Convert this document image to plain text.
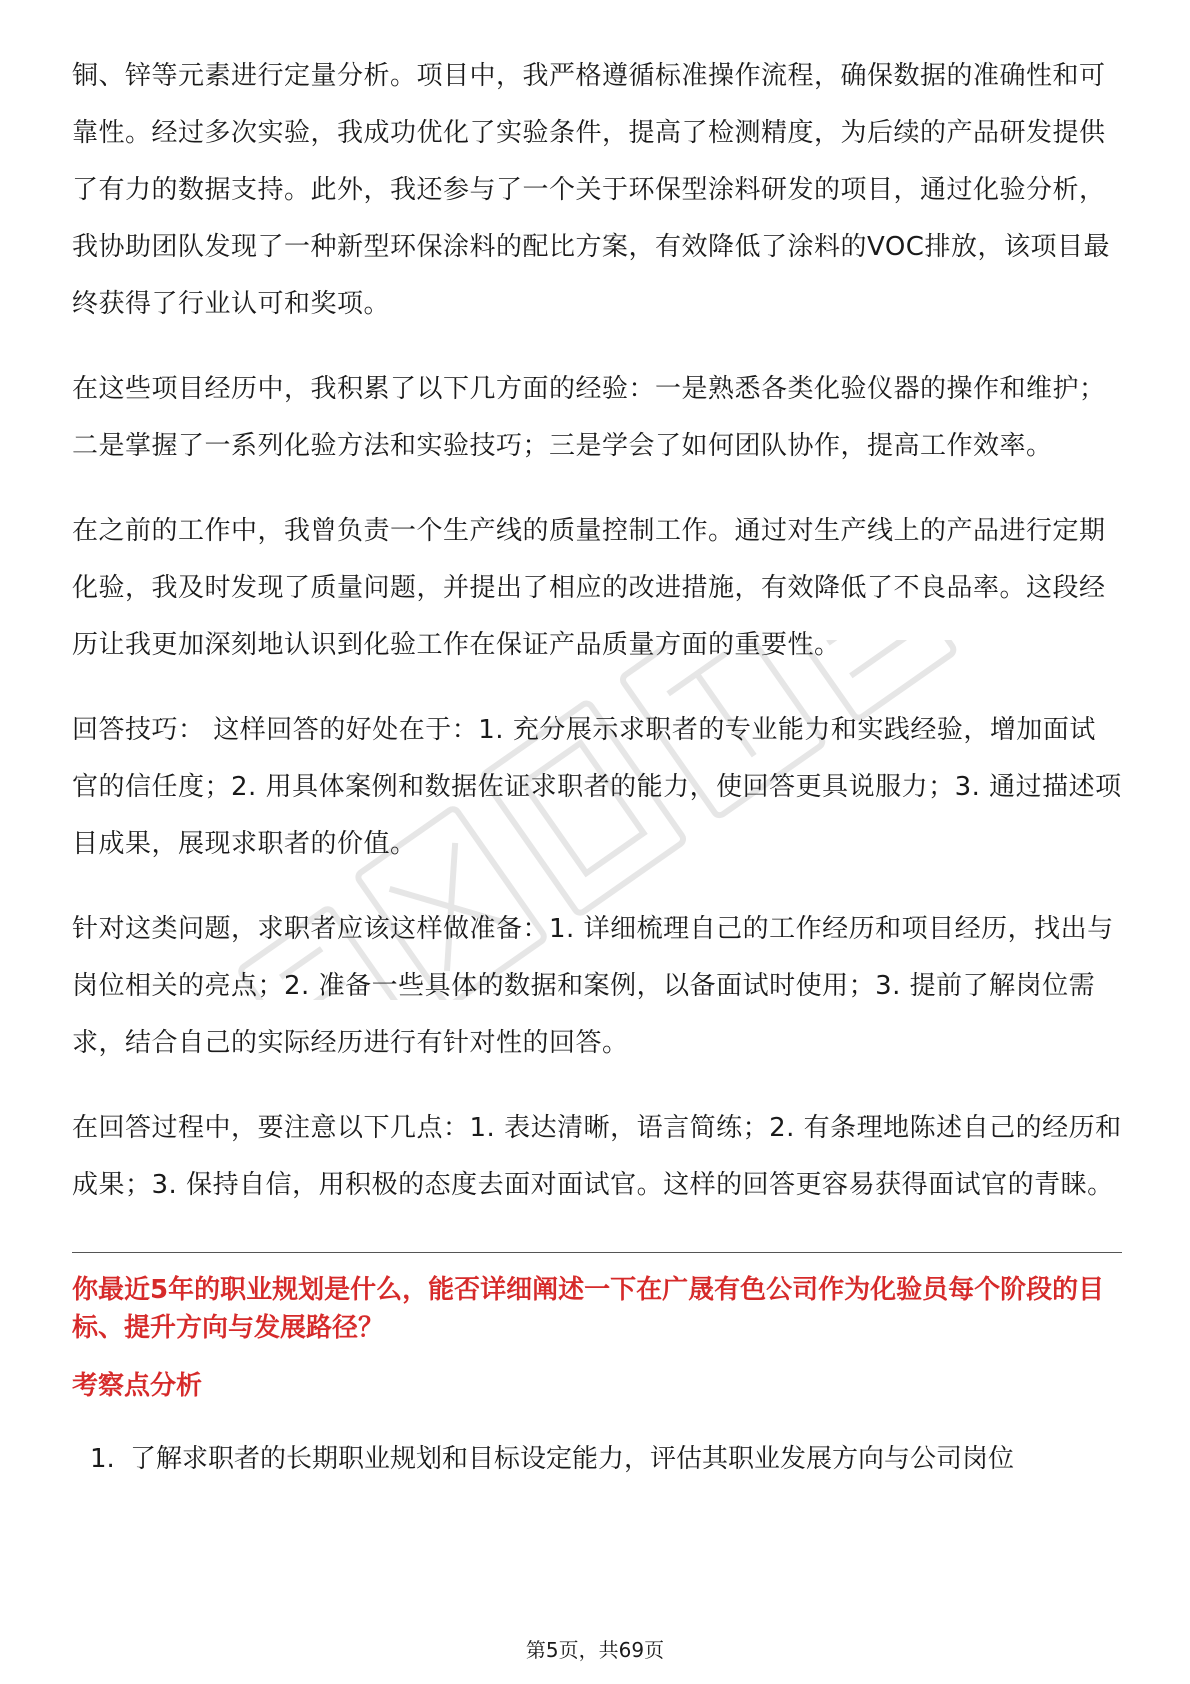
铜、锌等元素进行定量分析。项目中，我严格遵循标准操作流程，确保数据的准确性和可靠性。经过多次实验，我成功优化了实验条件，提高了检测精度，为后续的产品研发提供了有力的数据支持。此外，我还参与了一个关于环保型涂料研发的项目，通过化验分析，我协助团队发现了一种新型环保涂料的配比方案，有效降低了涂料的VOC排放，该项目最终获得了行业认可和奖项。

在这些项目经历中，我积累了以下几方面的经验：一是熟悉各类化验仪器的操作和维护；二是掌握了一系列化验方法和实验技巧；三是学会了如何团队协作，提高工作效率。

在之前的工作中，我曾负责一个生产线的质量控制工作。通过对生产线上的产品进行定期化验，我及时发现了质量问题，并提出了相应的改进措施，有效降低了不良品率。这段经历让我更加深刻地认识到化验工作在保证产品质量方面的重要性。

回答技巧： 这样回答的好处在于：1. 充分展示求职者的专业能力和实践经验，增加面试官的信任度；2. 用具体案例和数据佐证求职者的能力，使回答更具说服力；3. 通过描述项目成果，展现求职者的价值。

针对这类问题，求职者应该这样做准备：1. 详细梳理自己的工作经历和项目经历，找出与岗位相关的亮点；2. 准备一些具体的数据和案例，以备面试时使用；3. 提前了解岗位需求，结合自己的实际经历进行有针对性的回答。

在回答过程中，要注意以下几点：1. 表达清晰，语言简练；2. 有条理地陈述自己的经历和成果；3. 保持自信，用积极的态度去面对面试官。这样的回答更容易获得面试官的青睐。

你最近5年的职业规划是什么，能否详细阐述一下在广晟有色公司作为化验员每个阶段的目标、提升方向与发展路径？

考察点分析

1. 了解求职者的长期职业规划和目标设定能力，评估其职业发展方向与公司岗位
第5页，共69页
